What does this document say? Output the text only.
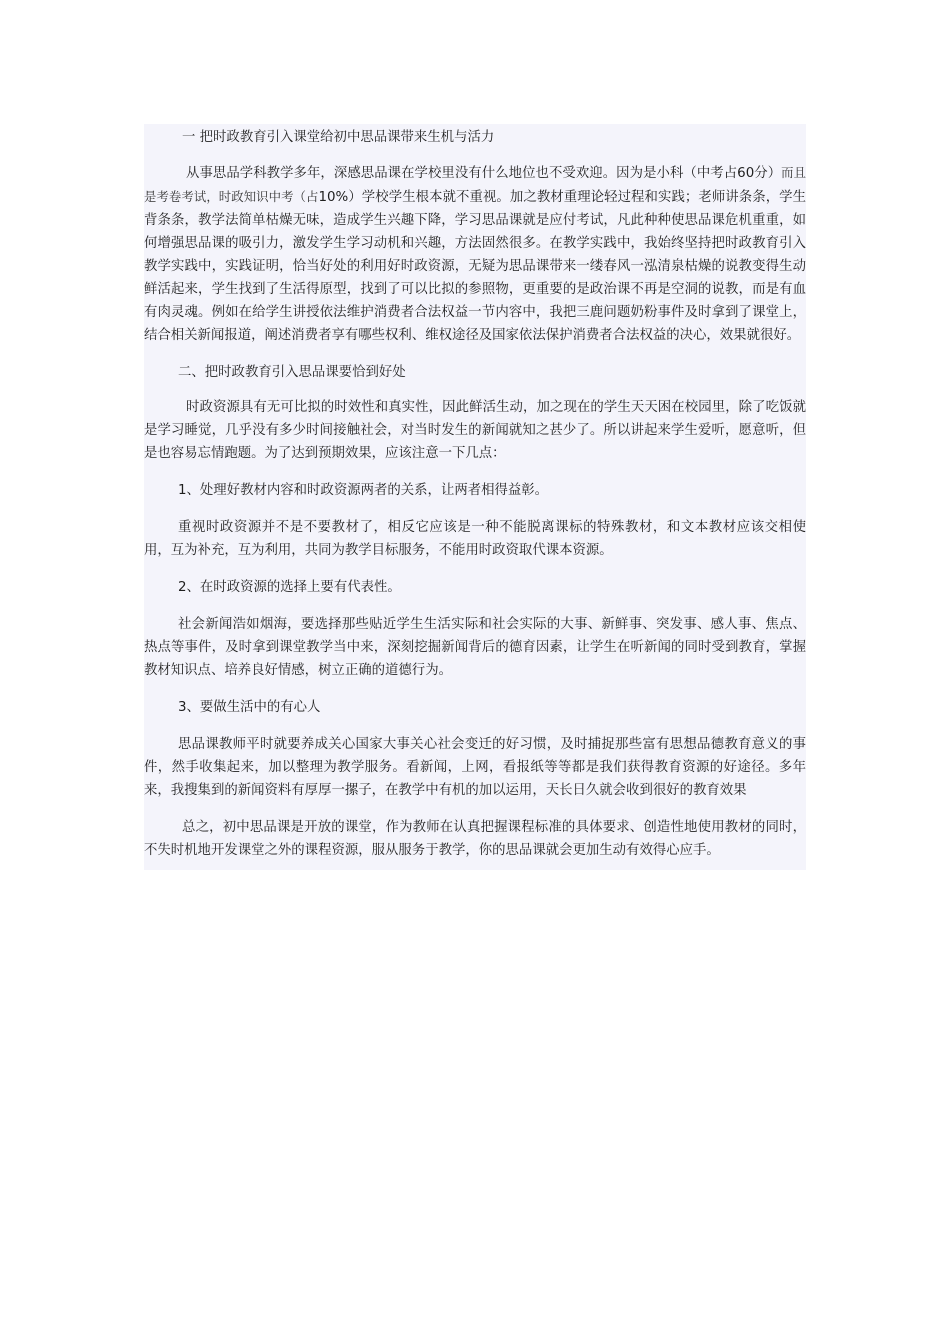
一 把时政教育引入课堂给初中思品课带来生机与活力

从事思品学科教学多年，深感思品课在学校里没有什么地位也不受欢迎。因为是小科（中考占60分）而且是考卷考试，时政知识中考（占10%）学校学生根本就不重视。加之教材重理论轻过程和实践；老师讲条条，学生背条条，教学法简单枯燥无味，造成学生兴趣下降，学习思品课就是应付考试，凡此种种使思品课危机重重，如何增强思品课的吸引力，激发学生学习动机和兴趣，方法固然很多。在教学实践中，我始终坚持把时政教育引入教学实践中，实践证明，恰当好处的利用好时政资源，无疑为思品课带来一缕春风一泓清泉枯燥的说教变得生动鲜活起来，学生找到了生活得原型，找到了可以比拟的参照物，更重要的是政治课不再是空洞的说教，而是有血有肉灵魂。例如在给学生讲授依法维护消费者合法权益一节内容中，我把三鹿问题奶粉事件及时拿到了课堂上，结合相关新闻报道，阐述消费者享有哪些权利、维权途径及国家依法保护消费者合法权益的决心，效果就很好。

二、把时政教育引入思品课要恰到好处

时政资源具有无可比拟的时效性和真实性，因此鲜活生动，加之现在的学生天天困在校园里，除了吃饭就是学习睡觉，几乎没有多少时间接触社会，对当时发生的新闻就知之甚少了。所以讲起来学生爱听，愿意听，但是也容易忘情跑题。为了达到预期效果，应该注意一下几点：

1、处理好教材内容和时政资源两者的关系，让两者相得益彰。

重视时政资源并不是不要教材了，相反它应该是一种不能脱离课标的特殊教材，和文本教材应该交相使用，互为补充，互为利用，共同为教学目标服务，不能用时政资取代课本资源。

2、在时政资源的选择上要有代表性。

社会新闻浩如烟海，要选择那些贴近学生生活实际和社会实际的大事、新鲜事、突发事、感人事、焦点、热点等事件，及时拿到课堂教学当中来，深刻挖掘新闻背后的德育因素，让学生在听新闻的同时受到教育，掌握教材知识点、培养良好情感，树立正确的道德行为。

3、要做生活中的有心人

思品课教师平时就要养成关心国家大事关心社会变迁的好习惯，及时捕捉那些富有思想品德教育意义的事件，然手收集起来，加以整理为教学服务。看新闻，上网，看报纸等等都是我们获得教育资源的好途径。多年来，我搜集到的新闻资料有厚厚一摞子，在教学中有机的加以运用，天长日久就会收到很好的教育效果

总之，初中思品课是开放的课堂，作为教师在认真把握课程标准的具体要求、创造性地使用教材的同时，不失时机地开发课堂之外的课程资源，服从服务于教学，你的思品课就会更加生动有效得心应手。
